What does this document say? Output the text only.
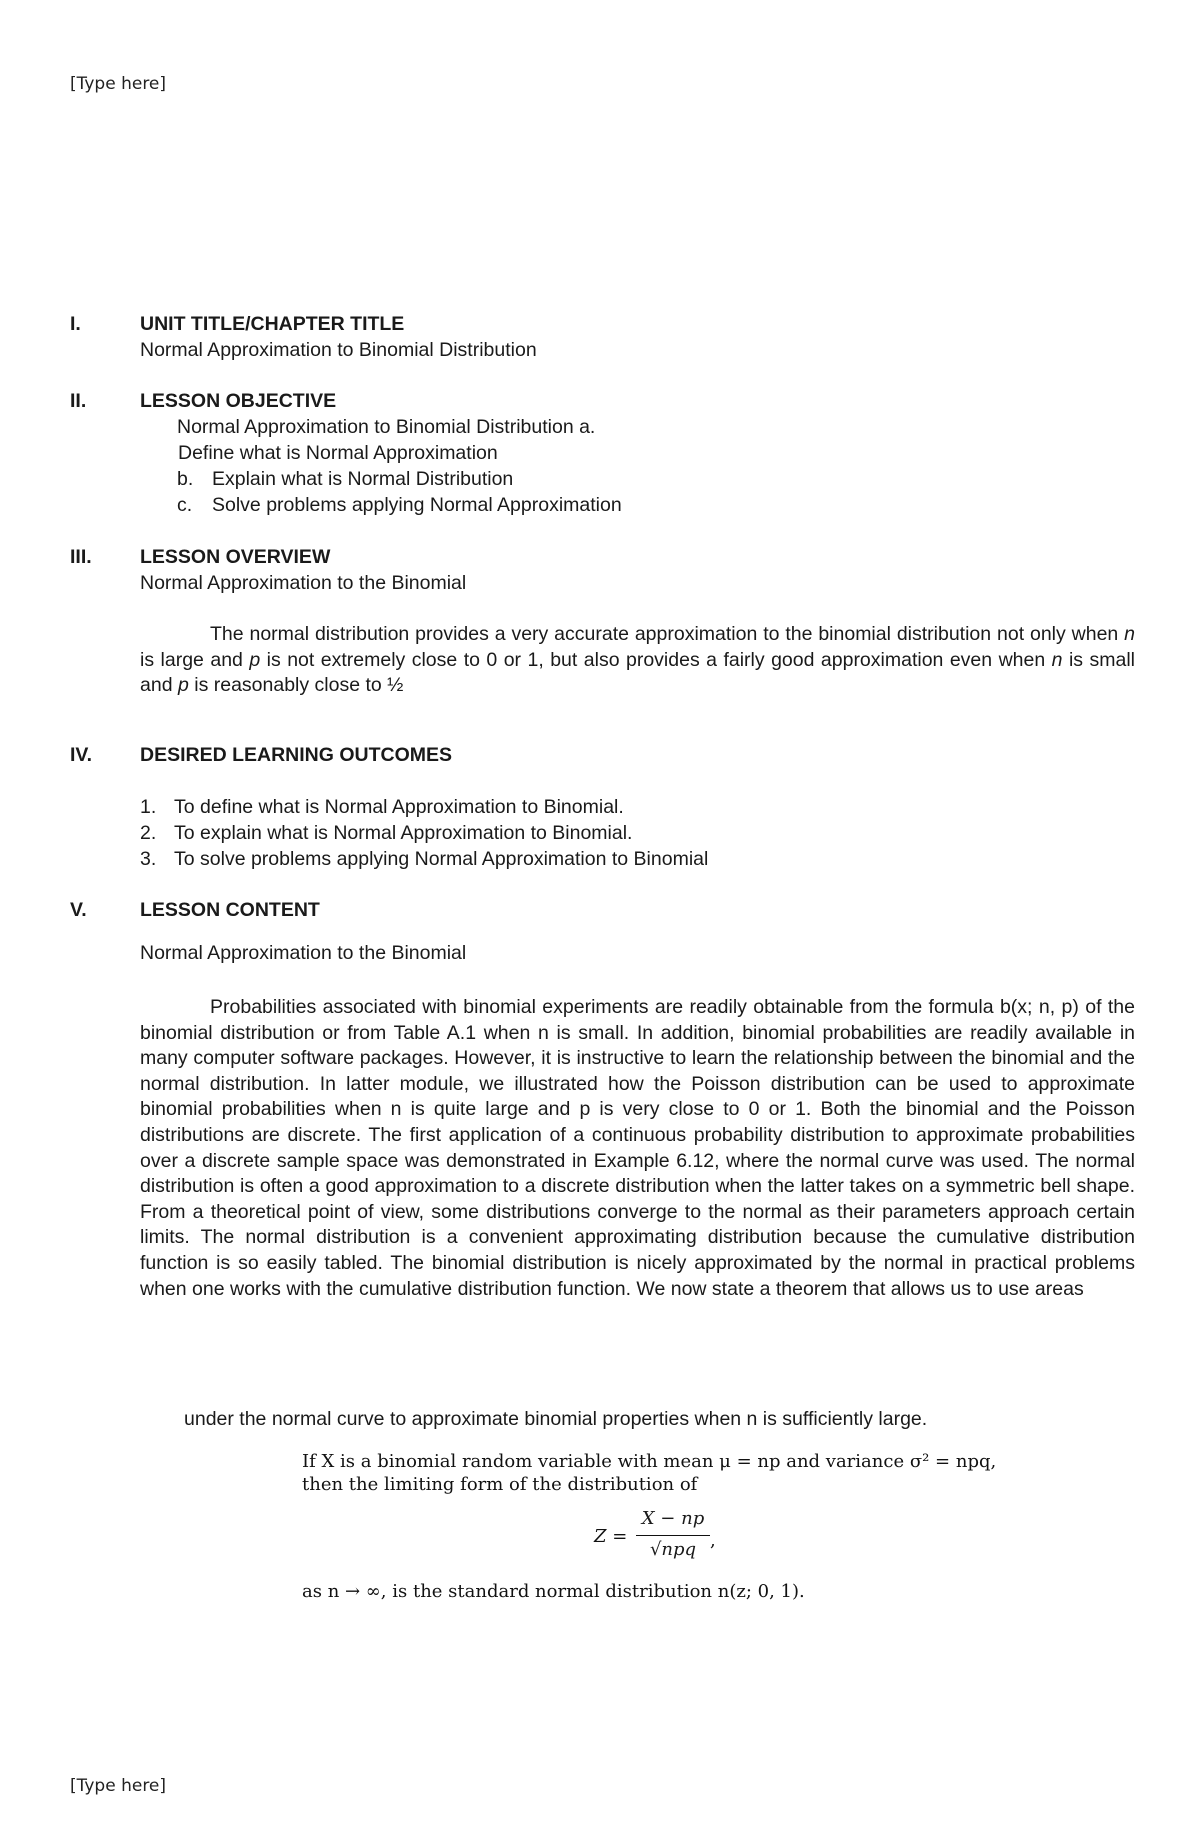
[Type here]
I.	UNIT TITLE/CHAPTER TITLE
Normal Approximation to Binomial Distribution
II.	LESSON OBJECTIVE
Normal Approximation to Binomial Distribution a.
Define what is Normal Approximation
b. Explain what is Normal Distribution
c. Solve problems applying Normal Approximation
III. LESSON OVERVIEW
Normal Approximation to the Binomial
The normal distribution provides a very accurate approximation to the binomial distribution not only when n is large and p is not extremely close to 0 or 1, but also provides a fairly good approximation even when n is small and p is reasonably close to ½
IV. DESIRED LEARNING OUTCOMES
1. To define what is Normal Approximation to Binomial.
2. To explain what is Normal Approximation to Binomial.
3. To solve problems applying Normal Approximation to Binomial
V.	LESSON CONTENT
Normal Approximation to the Binomial
Probabilities associated with binomial experiments are readily obtainable from the formula b(x; n, p) of the binomial distribution or from Table A.1 when n is small. In addition, binomial probabilities are readily available in many computer software packages. However, it is instructive to learn the relationship between the binomial and the normal distribution. In latter module, we illustrated how the Poisson distribution can be used to approximate binomial probabilities when n is quite large and p is very close to 0 or 1. Both the binomial and the Poisson distributions are discrete. The first application of a continuous probability distribution to approximate probabilities over a discrete sample space was demonstrated in Example 6.12, where the normal curve was used. The normal distribution is often a good approximation to a discrete distribution when the latter takes on a symmetric bell shape. From a theoretical point of view, some distributions converge to the normal as their parameters approach certain limits. The normal distribution is a convenient approximating distribution because the cumulative distribution function is so easily tabled. The binomial distribution is nicely approximated by the normal in practical problems when one works with the cumulative distribution function. We now state a theorem that allows us to use areas
under the normal curve to approximate binomial properties when n is sufficiently large.
If X is a binomial random variable with mean μ = np and variance σ² = npq,
then the limiting form of the distribution of
Z =
X − np
√npq ,
as n → ∞, is the standard normal distribution n(z; 0, 1).
[Type here]
